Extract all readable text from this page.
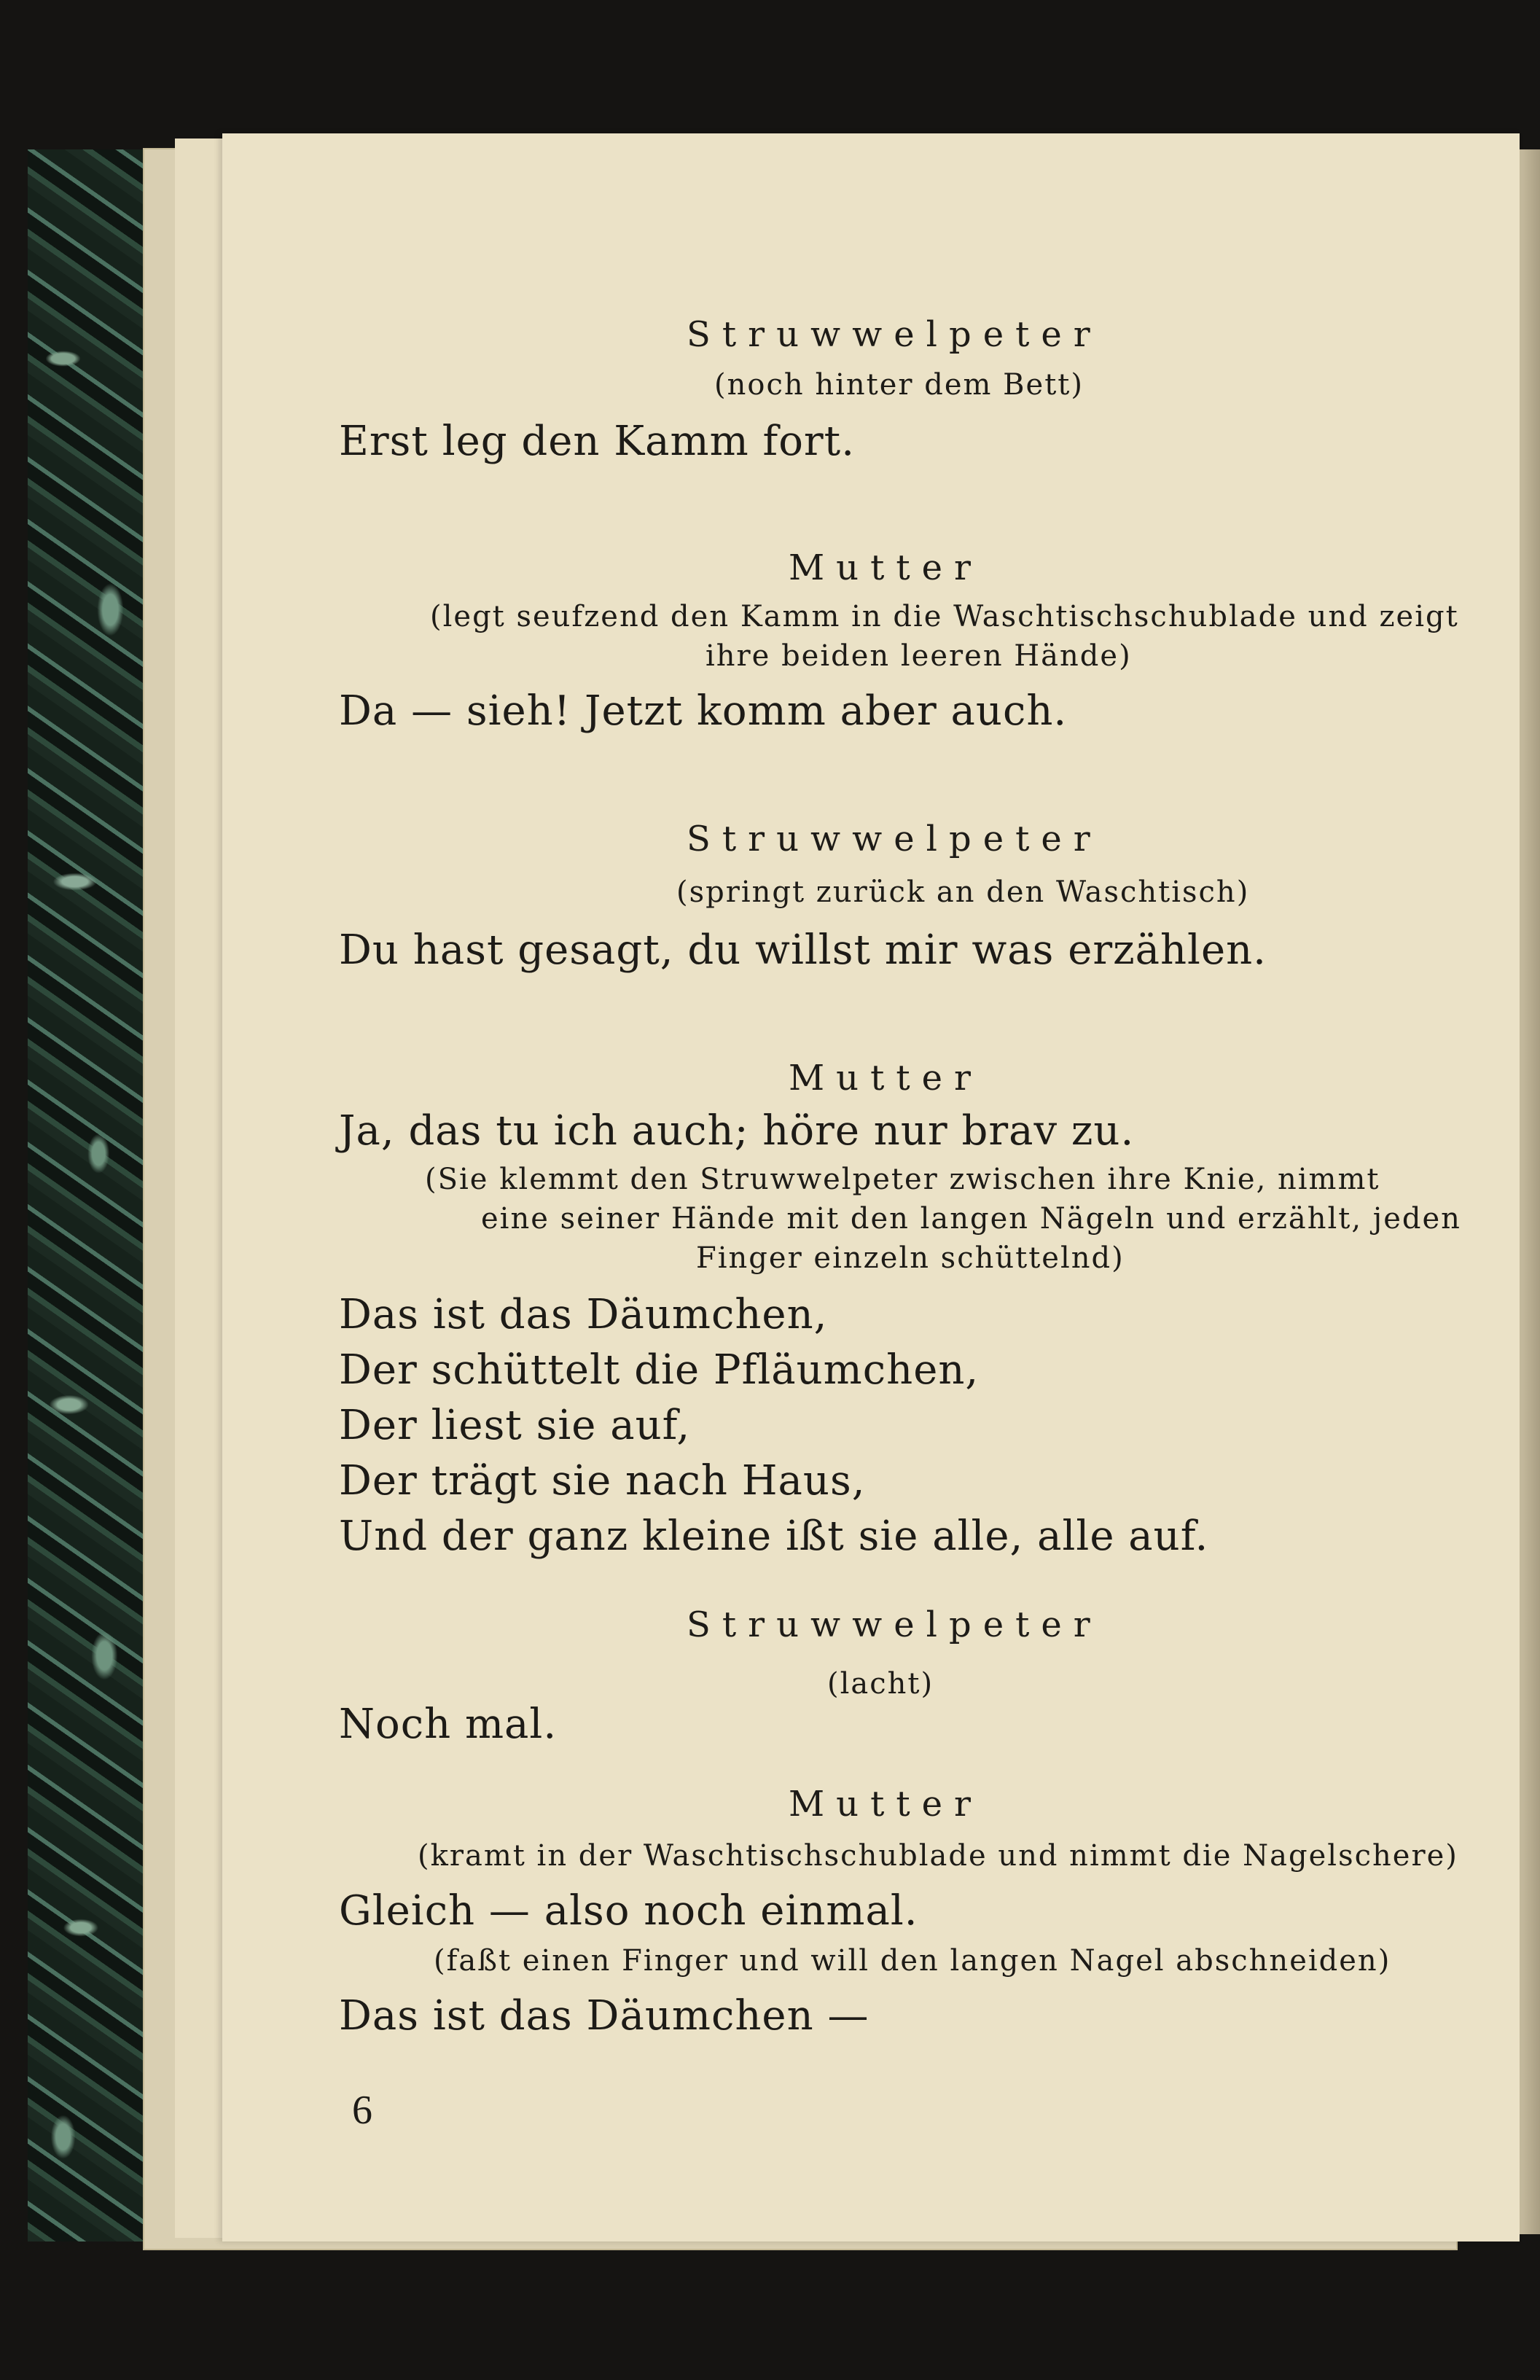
Struwwelpeter
(noch hinter dem Bett)
Erst leg den Kamm fort.
Mutter
(legt seufzend den Kamm in die Waschtischschublade und zeigt
ihre beiden leeren Hände)
Da — sieh! Jetzt komm aber auch.
Struwwelpeter
(springt zurück an den Waschtisch)
Du hast gesagt, du willst mir was erzählen.
Mutter
Ja, das tu ich auch; höre nur brav zu.
(Sie klemmt den Struwwelpeter zwischen ihre Knie, nimmt
eine seiner Hände mit den langen Nägeln und erzählt, jeden
Finger einzeln schüttelnd)
Das ist das Däumchen,
Der schüttelt die Pfläumchen,
Der liest sie auf,
Der trägt sie nach Haus,
Und der ganz kleine ißt sie alle, alle auf.
Struwwelpeter
(lacht)
Noch mal.
Mutter
(kramt in der Waschtischschublade und nimmt die Nagelschere)
Gleich — also noch einmal.
(faßt einen Finger und will den langen Nagel abschneiden)
Das ist das Däumchen —
6
